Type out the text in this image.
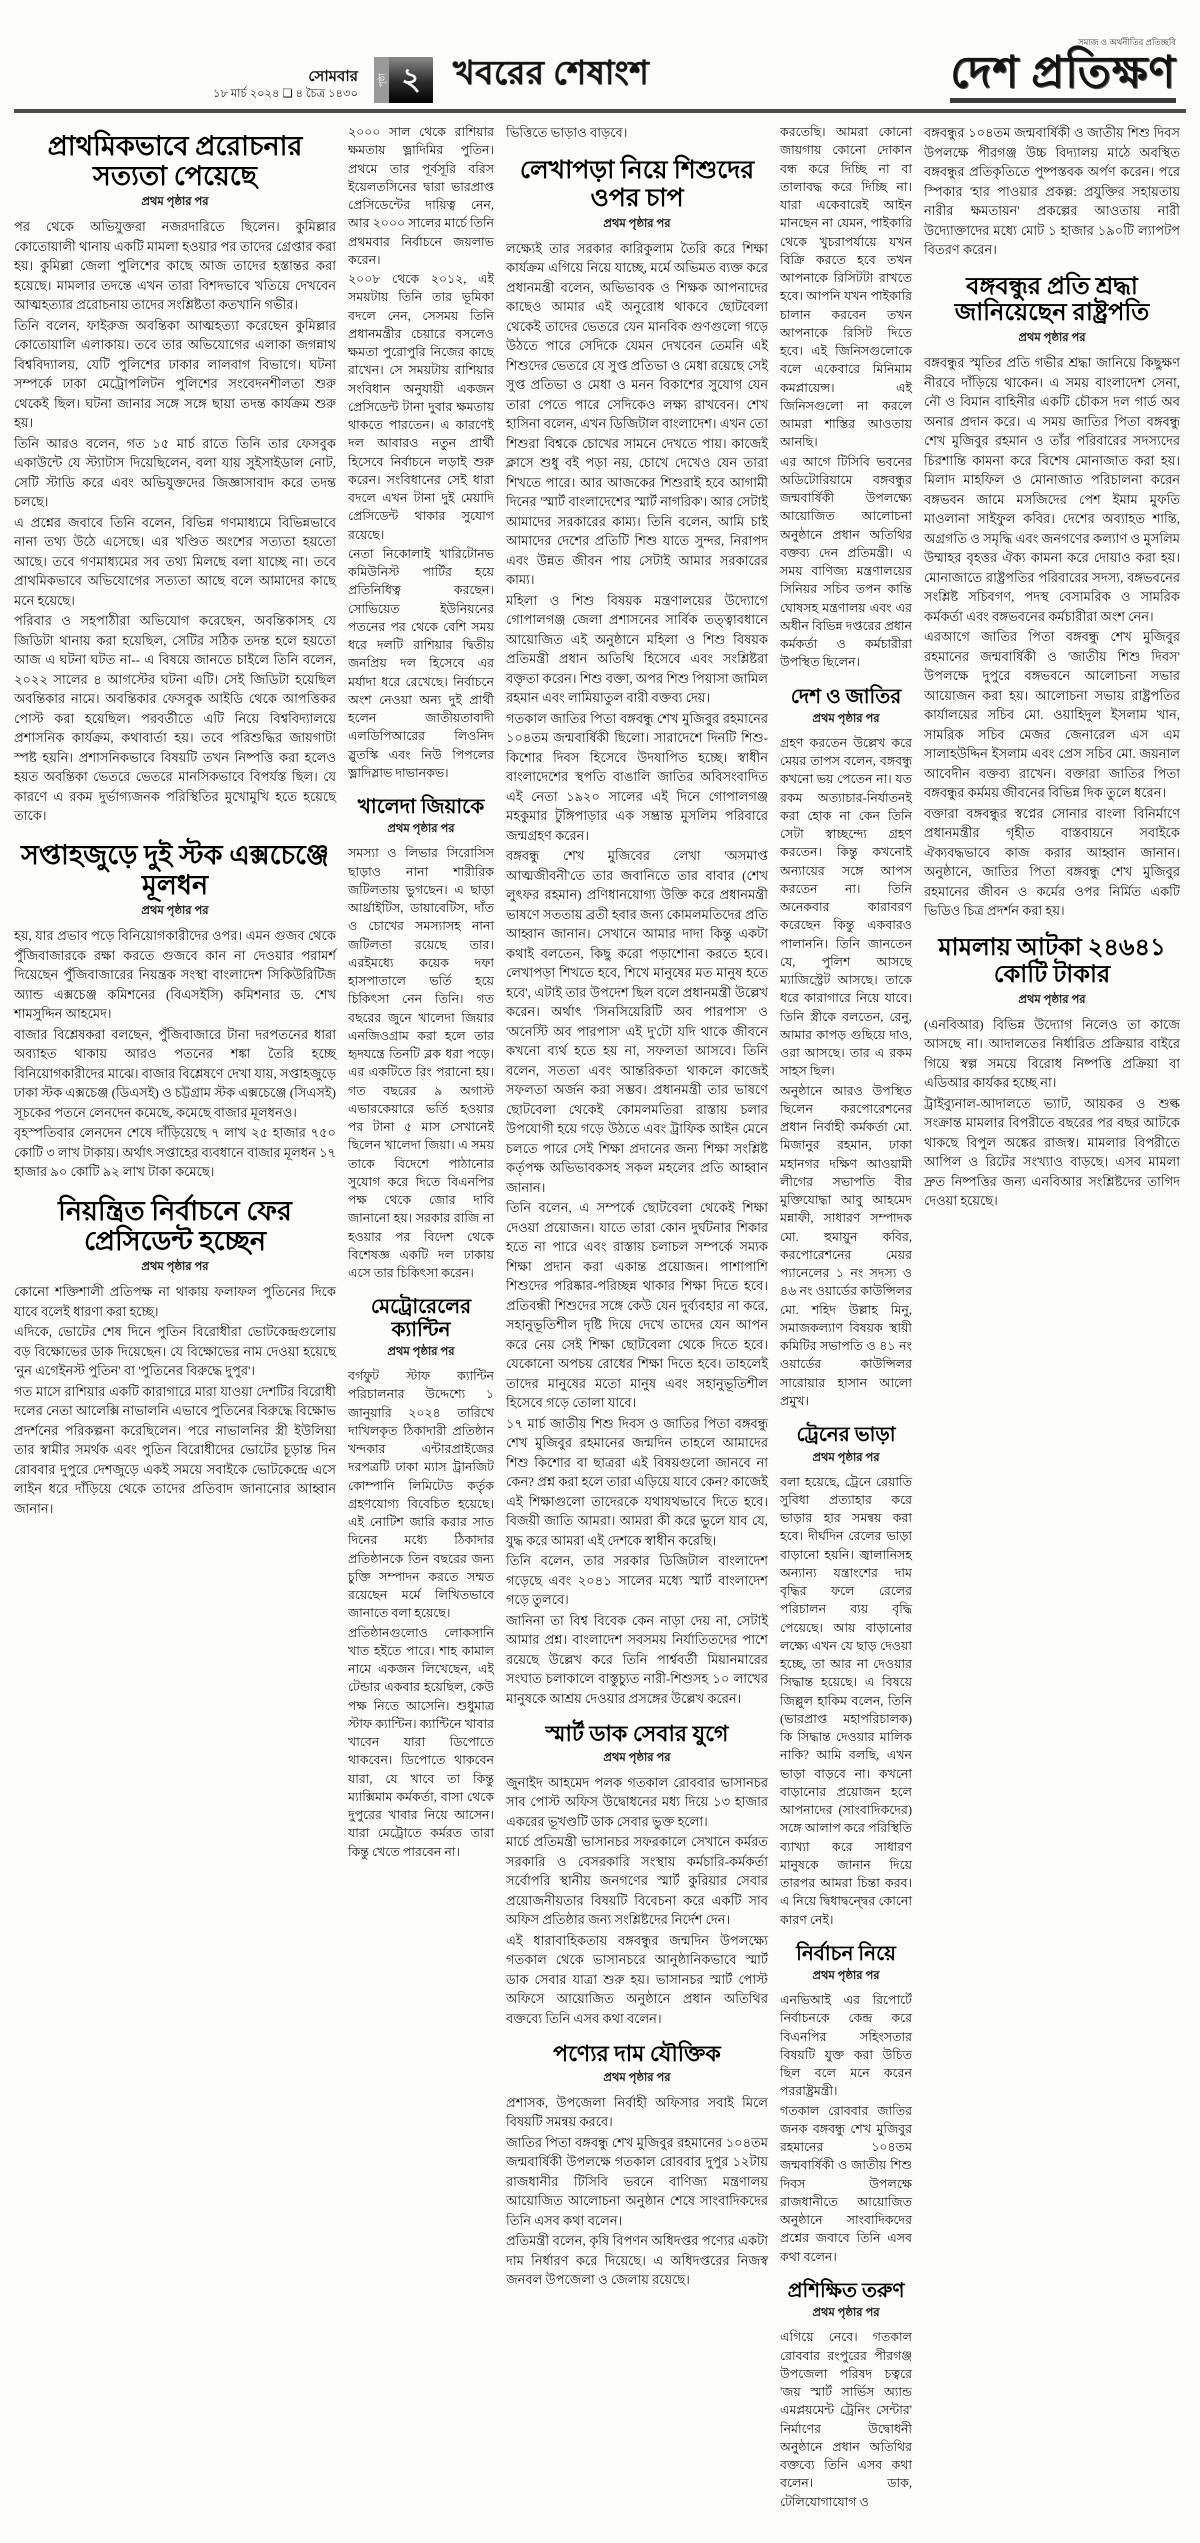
সোমবার
১৮ মার্চ ২০২৪ ❑ ৪ চৈত্র ১৪৩০
পৃষ্ঠা ২ খবরের শেষাংশ
সমাজ ও অর্থনীতির প্রতিচ্ছবি
দেশ প্রতিক্ষণ
প্রাথমিকভাবে প্ররোচনার সত্যতা পেয়েছে
প্রথম পৃষ্ঠার পর

পর থেকে অভিযুক্তরা নজরদারিতে ছিলেন। কুমিল্লার কোতোয়ালী থানায় একটি মামলা হওয়ার পর তাদের গ্রেপ্তার করা হয়। কুমিল্লা জেলা পুলিশের কাছে আজ তাদের হস্তান্তর করা হয়েছে। মামলার তদন্তে এখন তারা বিশদভাবে খতিয়ে দেখবেন আত্মহত্যার প্ররোচনায় তাদের সংশ্লিষ্টতা কতখানি গভীর।

তিনি বলেন, ফাইরুজ অবন্তিকা আত্মহত্যা করেছেন কুমিল্লার কোতোয়ালি এলাকায়। তবে তার অভিযোগের এলাকা জগন্নাথ বিশ্ববিদ্যালয়, যেটি পুলিশের ঢাকার লালবাগ বিভাগে। ঘটনা সম্পর্কে ঢাকা মেট্রোপলিটন পুলিশের সংবেদনশীলতা শুরু থেকেই ছিল। ঘটনা জানার সঙ্গে সঙ্গে ছায়া তদন্ত কার্যক্রম শুরু হয়।

তিনি আরও বলেন, গত ১৫ মার্চ রাতে তিনি তার ফেসবুক একাউন্টে যে স্ট্যাটাস দিয়েছিলেন, বলা যায় সুইসাইডাল নোট, সেটি স্টাডি করে এবং অভিযুক্তদের জিজ্ঞাসাবাদ করে তদন্ত চলছে।

এ প্রশ্নের জবাবে তিনি বলেন, বিভিন্ন গণমাধ্যমে বিভিন্নভাবে নানা তথ্য উঠে এসেছে। এর খণ্ডিত অংশের সত্যতা হয়তো আছে। তবে গণমাধ্যমের সব তথ্য মিলছে বলা যাচ্ছে না। তবে প্রাথমিকভাবে অভিযোগের সত্যতা আছে বলে আমাদের কাছে মনে হয়েছে।

পরিবার ও সহপাঠীরা অভিযোগ করেছেন, অবন্তিকাসহ যে জিডিটা থানায় করা হয়েছিল, সেটির সঠিক তদন্ত হলে হয়তো আজ এ ঘটনা ঘটত না-- এ বিষয়ে জানতে চাইলে তিনি বলেন, ২০২২ সালের ৪ আগস্টের ঘটনা এটি। সেই জিডিটা হয়েছিল অবন্তিকার নামে। অবন্তিকার ফেসবুক আইডি থেকে আপত্তিকর পোস্ট করা হয়েছিল। পরবর্তীতে এটি নিয়ে বিশ্ববিদ্যালয়ে প্রশাসনিক কার্যক্রম, কথাবার্তা হয়। তবে পরিশুদ্ধির জায়গাটা স্পষ্ট হয়নি। প্রশাসনিকভাবে বিষয়টি তখন নিষ্পত্তি করা হলেও হয়ত অবন্তিকা ভেতরে ভেতরে মানসিকভাবে বিপর্যস্ত ছিল। যে কারণে এ রকম দুর্ভাগ্যজনক পরিস্থিতির মুখোমুখি হতে হয়েছে তাকে।

সপ্তাহজুড়ে দুই স্টক এক্সচেঞ্জে মূলধন
প্রথম পৃষ্ঠার পর

হয়, যার প্রভাব পড়ে বিনিয়োগকারীদের ওপর। এমন গুজব থেকে পুঁজিবাজারকে রক্ষা করতে গুজবে কান না দেওয়ার পরামর্শ দিয়েছেন পুঁজিবাজারের নিয়ন্ত্রক সংস্থা বাংলাদেশ সিকিউরিটিজ অ্যান্ড এক্সচেঞ্জ কমিশনের (বিএসইসি) কমিশনার ড. শেখ শামসুদ্দিন আহমেদ।

বাজার বিশ্লেষকরা বলছেন, পুঁজিবাজারে টানা দরপতনের ধারা অব্যাহত থাকায় আরও পতনের শঙ্কা তৈরি হচ্ছে বিনিয়োগকারীদের মাঝে। বাজার বিশ্লেষণে দেখা যায়, সপ্তাহজুড়ে ঢাকা স্টক এক্সচেঞ্জ (ডিএসই) ও চট্টগ্রাম স্টক এক্সচেঞ্জে (সিএসই) সূচকের পতনে লেনদেন কমেছে, কমেছে বাজার মূলধনও।

বৃহস্পতিবার লেনদেন শেষে দাঁড়িয়েছে ৭ লাখ ২৫ হাজার ৭৫০ কোটি ৩ লাখ টাকায়। অর্থাৎ সপ্তাহের ব্যবধানে বাজার মূলধন ১৭ হাজার ৯০ কোটি ৯২ লাখ টাকা কমেছে।

নিয়ন্ত্রিত নির্বাচনে ফের প্রেসিডেন্ট হচ্ছেন
প্রথম পৃষ্ঠার পর

কোনো শক্তিশালী প্রতিপক্ষ না থাকায় ফলাফল পুতিনের দিকে যাবে বলেই ধারণা করা হচ্ছে।

এদিকে, ভোটের শেষ দিনে পুতিন বিরোধীরা ভোটকেন্দ্রগুলোয় বড় বিক্ষোভের ডাক দিয়েছেন। যে বিক্ষোভের নাম দেওয়া হয়েছে 'নুন এগেইনস্ট পুতিন' বা 'পুতিনের বিরুদ্ধে দুপুর'।

গত মাসে রাশিয়ার একটি কারাগারে মারা যাওয়া দেশটির বিরোধী দলের নেতা আলেক্সি নাভালনি এভাবে পুতিনের বিরুদ্ধে বিক্ষোভ প্রদর্শনের পরিকল্পনা করেছিলেন। পরে নাভালনির স্ত্রী ইউলিয়া তার স্বামীর সমর্থক এবং পুতিন বিরোধীদের ভোটের চূড়ান্ত দিন রোববার দুপুরে দেশজুড়ে একই সময়ে সবাইকে ভোটকেন্দ্রে এসে লাইন ধরে দাঁড়িয়ে থেকে তাদের প্রতিবাদ জানানোর আহ্বান জানান।

২০০০ সাল থেকে রাশিয়ার ক্ষমতায় ভ্লাদিমির পুতিন। প্রথমে তার পূর্বসূরি বরিস ইয়েলতসিনের দ্বারা ভারপ্রাপ্ত প্রেসিডেন্টের দায়িত্ব নেন, আর ২০০০ সালের মার্চে তিনি প্রথমবার নির্বাচনে জয়লাভ করেন।

২০০৮ থেকে ২০১২, এই সময়টায় তিনি তার ভূমিকা বদলে নেন, সেসময় তিনি প্রধানমন্ত্রীর চেয়ারে বসলেও ক্ষমতা পুরোপুরি নিজের কাছে রাখেন। সে সময়টায় রাশিয়ার সংবিধান অনুযায়ী একজন প্রেসিডেন্ট টানা দুবার ক্ষমতায় থাকতে পারতেন। এ কারণেই দল আবারও নতুন প্রার্থী হিসেবে নির্বাচনে লড়াই শুরু করেন। সংবিধানের সেই ধারা বদলে এখন টানা দুই মেয়াদি প্রেসিডেন্ট থাকার সুযোগ রয়েছে।

নেতা নিকোলাই খারিটোনভ কমিউনিস্ট পার্টির হয়ে প্রতিনিধিত্ব করছেন। সোভিয়েত ইউনিয়নের পতনের পর থেকে বেশি সময় ধরে দলটি রাশিয়ার দ্বিতীয় জনপ্রিয় দল হিসেবে এর মর্যাদা ধরে রেখেছে। নির্বাচনে অংশ নেওয়া অন্য দুই প্রার্থী হলেন জাতীয়তাবাদী এলডিপিআরের লিওনিদ স্লুতস্কি এবং নিউ পিপলের ভ্লাদিস্লাভ দাভানকভ।

খালেদা জিয়াকে
প্রথম পৃষ্ঠার পর

সমস্যা ও লিভার সিরোসিস ছাড়াও নানা শারীরিক জটিলতায় ভুগছেন। এ ছাড়া আর্থ্রাইটিস, ডায়াবেটিস, দাঁত ও চোখের সমস্যাসহ নানা জটিলতা রয়েছে তার। এরইমধ্যে কয়েক দফা হাসপাতালে ভর্তি হয়ে চিকিৎসা নেন তিনি। গত বছরের জুনে খালেদা জিয়ার এনজিওগ্রাম করা হলে তার হৃদযন্ত্রে তিনটি ব্লক ধরা পড়ে। এর একটিতে রিং পরানো হয়। গত বছরের ৯ অগাস্ট এভারকেয়ারে ভর্তি হওয়ার পর টানা ৫ মাস সেখানেই ছিলেন খালেদা জিয়া। এ সময় তাকে বিদেশে পাঠানোর সুযোগ করে দিতে বিএনপির পক্ষ থেকে জোর দাবি জানানো হয়। সরকার রাজি না হওয়ার পর বিদেশ থেকে বিশেষজ্ঞ একটি দল ঢাকায় এসে তার চিকিৎসা করেন।

মেট্রোরেলের ক্যান্টিন
প্রথম পৃষ্ঠার পর

বর্গফুট স্টাফ ক্যান্টিন পরিচালনার উদ্দেশ্যে ১ জানুয়ারি ২০২৪ তারিখে দাখিলকৃত ঠিকাদারী প্রতিষ্ঠান খন্দকার এন্টারপ্রাইজের দরপত্রটি ঢাকা ম্যাস ট্রানজিট কোম্পানি লিমিটেড কর্তৃক গ্রহণযোগ্য বিবেচিত হয়েছে। এই নোটিশ জারি করার সাত দিনের মধ্যে ঠিকাদার প্রতিষ্ঠানকে তিন বছরের জন্য চুক্তি সম্পাদন করতে সম্মত রয়েছেন মর্মে লিখিতভাবে জানাতে বলা হয়েছে।

প্রতিষ্ঠানগুলোও লোকসানি খাত হইতে পারে। শাহ কামাল নামে একজন লিখেছেন, এই টেন্ডার একবার হয়েছিল, কেউ পক্ষ নিতে আসেনি। শুধুমাত্র স্টাফ ক্যান্টিন। ক্যান্টিনে খাবার খাবেন যারা ডিপোতে থাকবেন। ডিপোতে থাকবেন যারা, যে খাবে তা কিন্তু ম্যাক্সিমাম কর্মকর্তা, বাসা থেকে দুপুরের খাবার নিয়ে আসেন। যারা মেট্রোতে কর্মরত তারা কিন্তু খেতে পারবেন না।

ভিত্তিতে ভাড়াও বাড়বে।

লেখাপড়া নিয়ে শিশুদের ওপর চাপ
প্রথম পৃষ্ঠার পর

লক্ষ্যেই তার সরকার কারিকুলাম তৈরি করে শিক্ষা কার্যক্রম এগিয়ে নিয়ে যাচ্ছে, মর্মে অভিমত ব্যক্ত করে প্রধানমন্ত্রী বলেন, অভিভাবক ও শিক্ষক আপনাদের কাছেও আমার এই অনুরোধ থাকবে ছোটবেলা থেকেই তাদের ভেতরে যেন মানবিক গুণগুলো গড়ে উঠতে পারে সেদিকে যেমন দেখবেন তেমনি এই শিশুদের ভেতরে যে সুপ্ত প্রতিভা ও মেধা রয়েছে সেই সুপ্ত প্রতিভা ও মেধা ও মনন বিকাশের সুযোগ যেন তারা পেতে পারে সেদিকেও লক্ষ্য রাখবেন। শেখ হাসিনা বলেন, এখন ডিজিটাল বাংলাদেশ। এখন তো শিশুরা বিশ্বকে চোখের সামনে দেখতে পায়। কাজেই ক্লাসে শুধু বই পড়া নয়, চোখে দেখেও যেন তারা শিখতে পারে। আর আজকের শিশুরাই হবে আগামী দিনের 'স্মার্ট বাংলাদেশের স্মার্ট নাগরিক'। আর সেটাই আমাদের সরকারের কাম্য। তিনি বলেন, আমি চাই আমাদের দেশের প্রতিটি শিশু যাতে সুন্দর, নিরাপদ এবং উন্নত জীবন পায় সেটাই আমার সরকারের কাম্য।

মহিলা ও শিশু বিষয়ক মন্ত্রণালয়ের উদ্যোগে গোপালগঞ্জ জেলা প্রশাসনের সার্বিক তত্ত্বাবধানে আয়োজিত এই অনুষ্ঠানে মহিলা ও শিশু বিষয়ক প্রতিমন্ত্রী প্রধান অতিথি হিসেবে এবং সংশ্লিষ্টরা বক্তৃতা করেন। শিশু বক্তা, অপর শিশু পিয়াসা জামিল রহমান এবং লামিয়াতুল বারী বক্তব্য দেয়।

গতকাল জাতির পিতা বঙ্গবন্ধু শেখ মুজিবুর রহমানের ১০৪তম জন্মবার্ষিকী ছিলো। সারাদেশে দিনটি শিশু-কিশোর দিবস হিসেবে উদযাপিত হচ্ছে। স্বাধীন বাংলাদেশের স্থপতি বাঙালি জাতির অবিসংবাদিত এই নেতা ১৯২০ সালের এই দিনে গোপালগঞ্জ মহকুমার টুঙ্গিপাড়ার এক সম্ভ্রান্ত মুসলিম পরিবারে জন্মগ্রহণ করেন।

বঙ্গবন্ধু শেখ মুজিবের লেখা 'অসমাপ্ত আত্মজীবনী'তে তার জবানিতে তার বাবার (শেখ লুৎফর রহমান) প্রণিধানযোগ্য উক্তি করে প্রধানমন্ত্রী ভাষণে সততায় ব্রতী হবার জন্য কোমলমতিদের প্রতি আহ্বান জানান। সেখানে আমার দাদা কিন্তু একটা কথাই বলতেন, কিছু করো পড়াশোনা করতে হবে। লেখাপড়া শিখতে হবে, শিখে মানুষের মত মানুষ হতে হবে', এটাই তার উপদেশ ছিল বলে প্রধানমন্ত্রী উল্লেখ করেন। অর্থাৎ 'সিনসিয়েরিটি অব পারপাস' ও 'অনেস্টি অব পারপাস' এই দু'টো যদি থাকে জীবনে কখনো ব্যর্থ হতে হয় না, সফলতা আসবে। তিনি বলেন, সততা এবং আন্তরিকতা থাকলে কাজেই সফলতা অর্জন করা সম্ভব। প্রধানমন্ত্রী তার ভাষণে ছোটবেলা থেকেই কোমলমতিরা রাস্তায় চলার উপযোগী হয়ে গড়ে উঠতে এবং ট্রাফিক আইন মেনে চলতে পারে সেই শিক্ষা প্রদানের জন্য শিক্ষা সংশ্লিষ্ট কর্তৃপক্ষ অভিভাবকসহ সকল মহলের প্রতি আহ্বান জানান।

তিনি বলেন, এ সম্পর্কে ছোটবেলা থেকেই শিক্ষা দেওয়া প্রয়োজন। যাতে তারা কোন দুর্ঘটনার শিকার হতে না পারে এবং রাস্তায় চলাচল সম্পর্কে সম্যক শিক্ষা প্রদান করা একান্ত প্রয়োজন। পাশাপাশি শিশুদের পরিষ্কার-পরিচ্ছন্ন থাকার শিক্ষা দিতে হবে। প্রতিবন্ধী শিশুদের সঙ্গে কেউ যেন দুর্ব্যবহার না করে, সহানুভূতিশীল দৃষ্টি দিয়ে দেখে তাদের যেন আপন করে নেয় সেই শিক্ষা ছোটবেলা থেকে দিতে হবে। যেকোনো অপচয় রোধের শিক্ষা দিতে হবে। তাহলেই তাদের মানুষের মতো মানুষ এবং সহানুভূতিশীল হিসেবে গড়ে তোলা যাবে।

১৭ মার্চ জাতীয় শিশু দিবস ও জাতির পিতা বঙ্গবন্ধু শেখ মুজিবুর রহমানের জন্মদিন তাহলে আমাদের শিশু কিশোর বা ছাত্ররা এই বিষয়গুলো জানবে না কেন? প্রশ্ন করা হলে তারা এড়িয়ে যাবে কেন? কাজেই এই শিক্ষাগুলো তাদেরকে যথাযথভাবে দিতে হবে। বিজয়ী জাতি আমরা। আমরা কী করে ভুলে যাব যে, যুদ্ধ করে আমরা এই দেশকে স্বাধীন করেছি।

তিনি বলেন, তার সরকার ডিজিটাল বাংলাদেশ গড়েছে এবং ২০৪১ সালের মধ্যে স্মার্ট বাংলাদেশ গড়ে তুলবে।

জানিনা তা বিশ্ব বিবেক কেন নাড়া দেয় না, সেটাই আমার প্রশ্ন। বাংলাদেশ সবসময় নির্যাতিতদের পাশে রয়েছে উল্লেখ করে তিনি পার্শ্ববর্তী মিয়ানমারের সংঘাত চলাকালে বাস্তুচ্যুত নারী-শিশুসহ ১০ লাখের মানুষকে আশ্রয় দেওয়ার প্রসঙ্গের উল্লেখ করেন।

স্মার্ট ডাক সেবার যুগে
প্রথম পৃষ্ঠার পর

জুনাইদ আহমেদ পলক গতকাল রোববার ভাসানচর সাব পোস্ট অফিস উদ্বোধনের মধ্য দিয়ে ১৩ হাজার একরের ভূখণ্ডটি ডাক সেবার ভুক্ত হলো।

মার্চে প্রতিমন্ত্রী ভাসানচর সফরকালে সেখানে কর্মরত সরকারি ও বেসরকারি সংস্থায় কর্মচারি-কর্মকর্তা সর্বোপরি স্থানীয় জনগণের স্মার্ট কুরিয়ার সেবার প্রয়োজনীয়তার বিষয়টি বিবেচনা করে একটি সাব অফিস প্রতিষ্ঠার জন্য সংশ্লিষ্টদের নির্দেশ দেন।

এই ধারাবাহিকতায় বঙ্গবন্ধুর জন্মদিন উপলক্ষ্যে গতকাল থেকে ভাসানচরে আনুষ্ঠানিকভাবে স্মার্ট ডাক সেবার যাত্রা শুরু হয়। ভাসানচর স্মার্ট পোস্ট অফিসে আয়োজিত অনুষ্ঠানে প্রধান অতিথির বক্তব্যে তিনি এসব কথা বলেন।

পণ্যের দাম যৌক্তিক
প্রথম পৃষ্ঠার পর

প্রশাসক, উপজেলা নির্বাহী অফিসার সবাই মিলে বিষয়টি সমন্বয় করবে।

জাতির পিতা বঙ্গবন্ধু শেখ মুজিবুর রহমানের ১০৪তম জন্মবার্ষিকী উপলক্ষে গতকাল রোববার দুপুর ১২টায় রাজধানীর টিসিবি ভবনে বাণিজ্য মন্ত্রণালয় আয়োজিত আলোচনা অনুষ্ঠান শেষে সাংবাদিকদের তিনি এসব কথা বলেন।

প্রতিমন্ত্রী বলেন, কৃষি বিপণন অধিদপ্তর পণ্যের একটা দাম নির্ধারণ করে দিয়েছে। এ অধিদপ্তরের নিজস্ব জনবল উপজেলা ও জেলায় রয়েছে।

করতেছি। আমরা কোনো জায়গায় কোনো দোকান বন্ধ করে দিচ্ছি না বা তালাবদ্ধ করে দিচ্ছি না। যারা একেবারেই আইন মানছেন না যেমন, পাইকারি থেকে খুচরাপর্যায়ে যখন বিক্রি করতে হবে তখন আপনাকে রিসিটটা রাখতে হবে। আপনি যখন পাইকারি চালান করবেন তখন আপনাকে রিসিট দিতে হবে। এই জিনিসগুলোকে বলে একেবারে মিনিমাম কমপ্লায়েন্স। এই জিনিসগুলো না করলে আমরা শাস্তির আওতায় আনছি।

এর আগে টিসিবি ভবনের অডিটোরিয়ামে বঙ্গবন্ধুর জন্মবার্ষিকী উপলক্ষ্যে আয়োজিত আলোচনা অনুষ্ঠানে প্রধান অতিথির বক্তব্য দেন প্রতিমন্ত্রী। এ সময় বাণিজ্য মন্ত্রণালয়ের সিনিয়র সচিব তপন কান্তি ঘোষসহ মন্ত্রণালয় এবং এর অধীন বিভিন্ন দপ্তরের প্রধান কর্মকর্তা ও কর্মচারীরা উপস্থিত ছিলেন।

দেশ ও জাতির
প্রথম পৃষ্ঠার পর

গ্রহণ করতেন উল্লেখ করে মেয়র তাপস বলেন, বঙ্গবন্ধু কখনো ভয় পেতেন না। যত রকম অত্যাচার-নির্যাতনই করা হোক না কেন তিনি সেটা স্বাচ্ছন্দ্যে গ্রহণ করতেন। কিন্তু কখনোই অন্যায়ের সঙ্গে আপস করতেন না। তিনি অনেকবার কারাবরণ করেছেন কিন্তু একবারও পালাননি। তিনি জানতেন যে, পুলিশ আসছে ম্যাজিস্ট্রেট আসছে। তাকে ধরে কারাগারে নিয়ে যাবে। তিনি স্ত্রীকে বলতেন, রেনু, আমার কাপড় গুছিয়ে দাও, ওরা আসছে। তার এ রকম সাহস ছিল।

অনুষ্ঠানে আরও উপস্থিত ছিলেন করপোরেশনের প্রধান নির্বাহী কর্মকর্তা মো. মিজানুর রহমান, ঢাকা মহানগর দক্ষিণ আওয়ামী লীগের সভাপতি বীর মুক্তিযোদ্ধা আবু আহমেদ মন্নাফী, সাধারণ সম্পাদক মো. হুমায়ুন কবির, করপোরেশনের মেয়র প্যানেলের ১ নং সদস্য ও ৪৬ নং ওয়ার্ডের কাউন্সিলর মো. শহিদ উল্লাহ মিনু, সমাজকল্যাণ বিষয়ক স্থায়ী কমিটির সভাপতি ও ৪১ নং ওয়ার্ডের কাউন্সিলর সারোয়ার হাসান আলো প্রমুখ।

ট্রেনের ভাড়া
প্রথম পৃষ্ঠার পর

বলা হয়েছে, ট্রেনে রেয়াতি সুবিধা প্রত্যাহার করে ভাড়ার হার সমন্বয় করা হবে। দীর্ঘদিন রেলের ভাড়া বাড়ানো হয়নি। জ্বালানিসহ অন্যান্য যন্ত্রাংশের দাম বৃদ্ধির ফলে রেলের পরিচালন ব্যয় বৃদ্ধি পেয়েছে। আয় বাড়ানোর লক্ষ্যে এখন যে ছাড় দেওয়া হচ্ছে, তা আর না দেওয়ার সিদ্ধান্ত হয়েছে। এ বিষয়ে জিল্লুল হাকিম বলেন, তিনি (ভারপ্রাপ্ত মহাপরিচালক) কি সিদ্ধান্ত দেওয়ার মালিক নাকি? আমি বলছি, এখন ভাড়া বাড়বে না। কখনো বাড়ানোর প্রয়োজন হলে আপনাদের (সাংবাদিকদের) সঙ্গে আলাপ করে পরিস্থিতি ব্যাখ্যা করে সাধারণ মানুষকে জানান দিয়ে তারপর আমরা চিন্তা করব। এ নিয়ে দ্বিধাদ্বন্দ্বের কোনো কারণ নেই।

নির্বাচন নিয়ে
প্রথম পৃষ্ঠার পর

এনভিআই এর রিপোর্টে নির্বাচনকে কেন্দ্র করে বিএনপির সহিংসতার বিষয়টি যুক্ত করা উচিত ছিল বলে মনে করেন পররাষ্ট্রমন্ত্রী।

গতকাল রোববার জাতির জনক বঙ্গবন্ধু শেখ মুজিবুর রহমানের ১০৪তম জন্মবার্ষিকী ও জাতীয় শিশু দিবস উপলক্ষে রাজধানীতে আয়োজিত অনুষ্ঠানে সাংবাদিকদের প্রশ্নের জবাবে তিনি এসব কথা বলেন।

প্রশিক্ষিত তরুণ
প্রথম পৃষ্ঠার পর

এগিয়ে নেবে। গতকাল রোববার রংপুরের পীরগঞ্জ উপজেলা পরিষদ চত্বরে 'জয় স্মার্ট সার্ভিস অ্যান্ড এমপ্লয়মেন্ট ট্রেনিং সেন্টার' নির্মাণের উদ্বোধনী অনুষ্ঠানে প্রধান অতিথির বক্তব্যে তিনি এসব কথা বলেন। ডাক, টেলিযোগাযোগ ও

বঙ্গবন্ধুর ১০৪তম জন্মবার্ষিকী ও জাতীয় শিশু দিবস উপলক্ষে পীরগঞ্জ উচ্চ বিদ্যালয় মাঠে অবস্থিত বঙ্গবন্ধুর প্রতিকৃতিতে পুষ্পস্তবক অর্পণ করেন। পরে স্পিকার 'হার পাওয়ার প্রকল্প: প্রযুক্তির সহায়তায় নারীর ক্ষমতায়ন' প্রকল্পের আওতায় নারী উদ্যোক্তাদের মধ্যে মোট ১ হাজার ১৯০টি ল্যাপটপ বিতরণ করেন।

বঙ্গবন্ধুর প্রতি শ্রদ্ধা জানিয়েছেন রাষ্ট্রপতি
প্রথম পৃষ্ঠার পর

বঙ্গবন্ধুর স্মৃতির প্রতি গভীর শ্রদ্ধা জানিয়ে কিছুক্ষণ নীরবে দাঁড়িয়ে থাকেন। এ সময় বাংলাদেশ সেনা, নৌ ও বিমান বাহিনীর একটি চৌকস দল গার্ড অব অনার প্রদান করে। এ সময় জাতির পিতা বঙ্গবন্ধু শেখ মুজিবুর রহমান ও তাঁর পরিবারের সদস্যদের চিরশান্তি কামনা করে বিশেষ মোনাজাত করা হয়। মিলাদ মাহফিল ও মোনাজাত পরিচালনা করেন বঙ্গভবন জামে মসজিদের পেশ ইমাম মুফতি মাওলানা সাইফুল কবির। দেশের অব্যাহত শান্তি, অগ্রগতি ও সমৃদ্ধি এবং জনগণের কল্যাণ ও মুসলিম উম্মাহর বৃহত্তর ঐক্য কামনা করে দোয়াও করা হয়। মোনাজাতে রাষ্ট্রপতির পরিবারের সদস্য, বঙ্গভবনের সংশ্লিষ্ট সচিবগণ, পদস্থ বেসামরিক ও সামরিক কর্মকর্তা এবং বঙ্গভবনের কর্মচারীরা অংশ নেন।

এরআগে জাতির পিতা বঙ্গবন্ধু শেখ মুজিবুর রহমানের জন্মবার্ষিকী ও 'জাতীয় শিশু দিবস' উপলক্ষে দুপুরে বঙ্গভবনে আলোচনা সভার আয়োজন করা হয়। আলোচনা সভায় রাষ্ট্রপতির কার্যালয়ের সচিব মো. ওয়াহিদুল ইসলাম খান, সামরিক সচিব মেজর জেনারেল এস এম সালাহউদ্দিন ইসলাম এবং প্রেস সচিব মো. জয়নাল আবেদীন বক্তব্য রাখেন। বক্তারা জাতির পিতা বঙ্গবন্ধুর কর্মময় জীবনের বিভিন্ন দিক তুলে ধরেন।

বক্তারা বঙ্গবন্ধুর স্বপ্নের সোনার বাংলা বিনির্মাণে প্রধানমন্ত্রীর গৃহীত বাস্তবায়নে সবাইকে ঐক্যবদ্ধভাবে কাজ করার আহ্বান জানান। অনুষ্ঠানে, জাতির পিতা বঙ্গবন্ধু শেখ মুজিবুর রহমানের জীবন ও কর্মের ওপর নির্মিত একটি ভিডিও চিত্র প্রদর্শন করা হয়।

মামলায় আটকা ২৪৬৪১ কোটি টাকার
প্রথম পৃষ্ঠার পর

(এনবিআর) বিভিন্ন উদ্যোগ নিলেও তা কাজে আসছে না। আদালতের নির্ধারিত প্রক্রিয়ার বাইরে গিয়ে স্বল্প সময়ে বিরোধ নিষ্পত্তি প্রক্রিয়া বা এডিআর কার্যকর হচ্ছে না।

ট্রাইব্যুনাল-আদালতে ভ্যাট, আয়কর ও শুল্ক সংক্রান্ত মামলার বিপরীতে বছরের পর বছর আটকে থাকছে বিপুল অঙ্কের রাজস্ব। মামলার বিপরীতে আপিল ও রিটের সংখ্যাও বাড়ছে। এসব মামলা দ্রুত নিষ্পত্তির জন্য এনবিআর সংশ্লিষ্টদের তাগিদ দেওয়া হয়েছে।
